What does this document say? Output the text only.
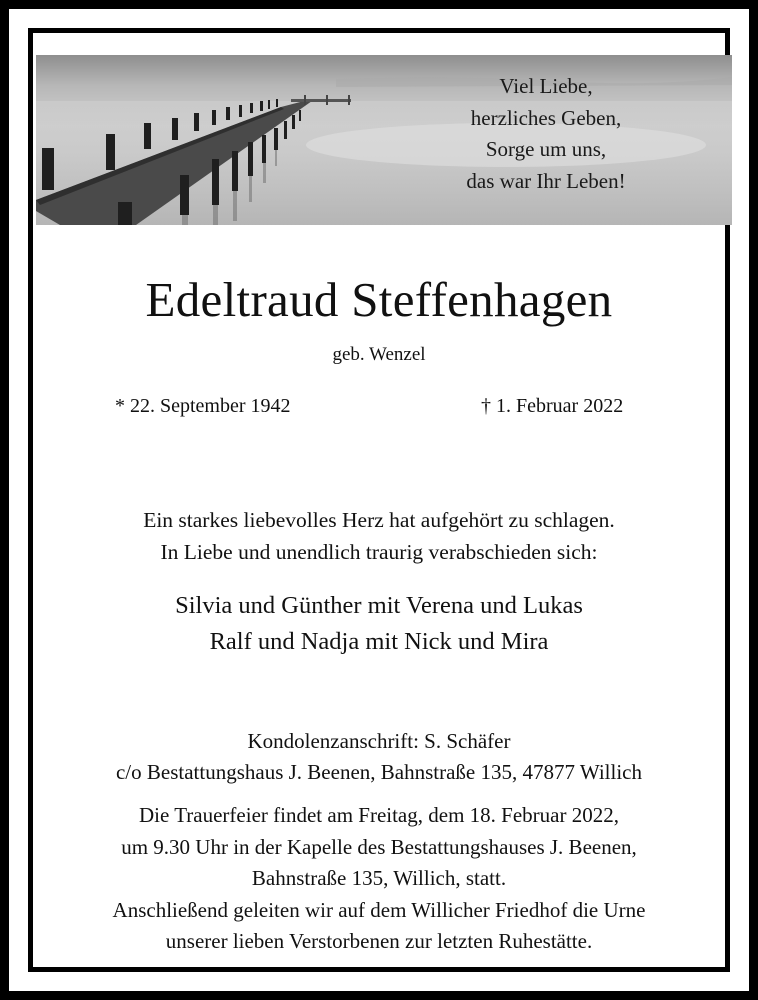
Viel Liebe,
herzliches Geben,
Sorge um uns,
das war Ihr Leben!
Edeltraud Steffenhagen
geb. Wenzel
* 22. September 1942	† 1. Februar 2022
Ein starkes liebevolles Herz hat aufgehört zu schlagen.
In Liebe und unendlich traurig verabschieden sich:
Silvia und Günther mit Verena und Lukas
Ralf und Nadja mit Nick und Mira
Kondolenzanschrift: S. Schäfer
c/o Bestattungshaus J. Beenen, Bahnstraße 135, 47877 Willich
Die Trauerfeier findet am Freitag, dem 18. Februar 2022,
um 9.30 Uhr in der Kapelle des Bestattungshauses J. Beenen,
Bahnstraße 135, Willich, statt.
Anschließend geleiten wir auf dem Willicher Friedhof die Urne
unserer lieben Verstorbenen zur letzten Ruhestätte.
